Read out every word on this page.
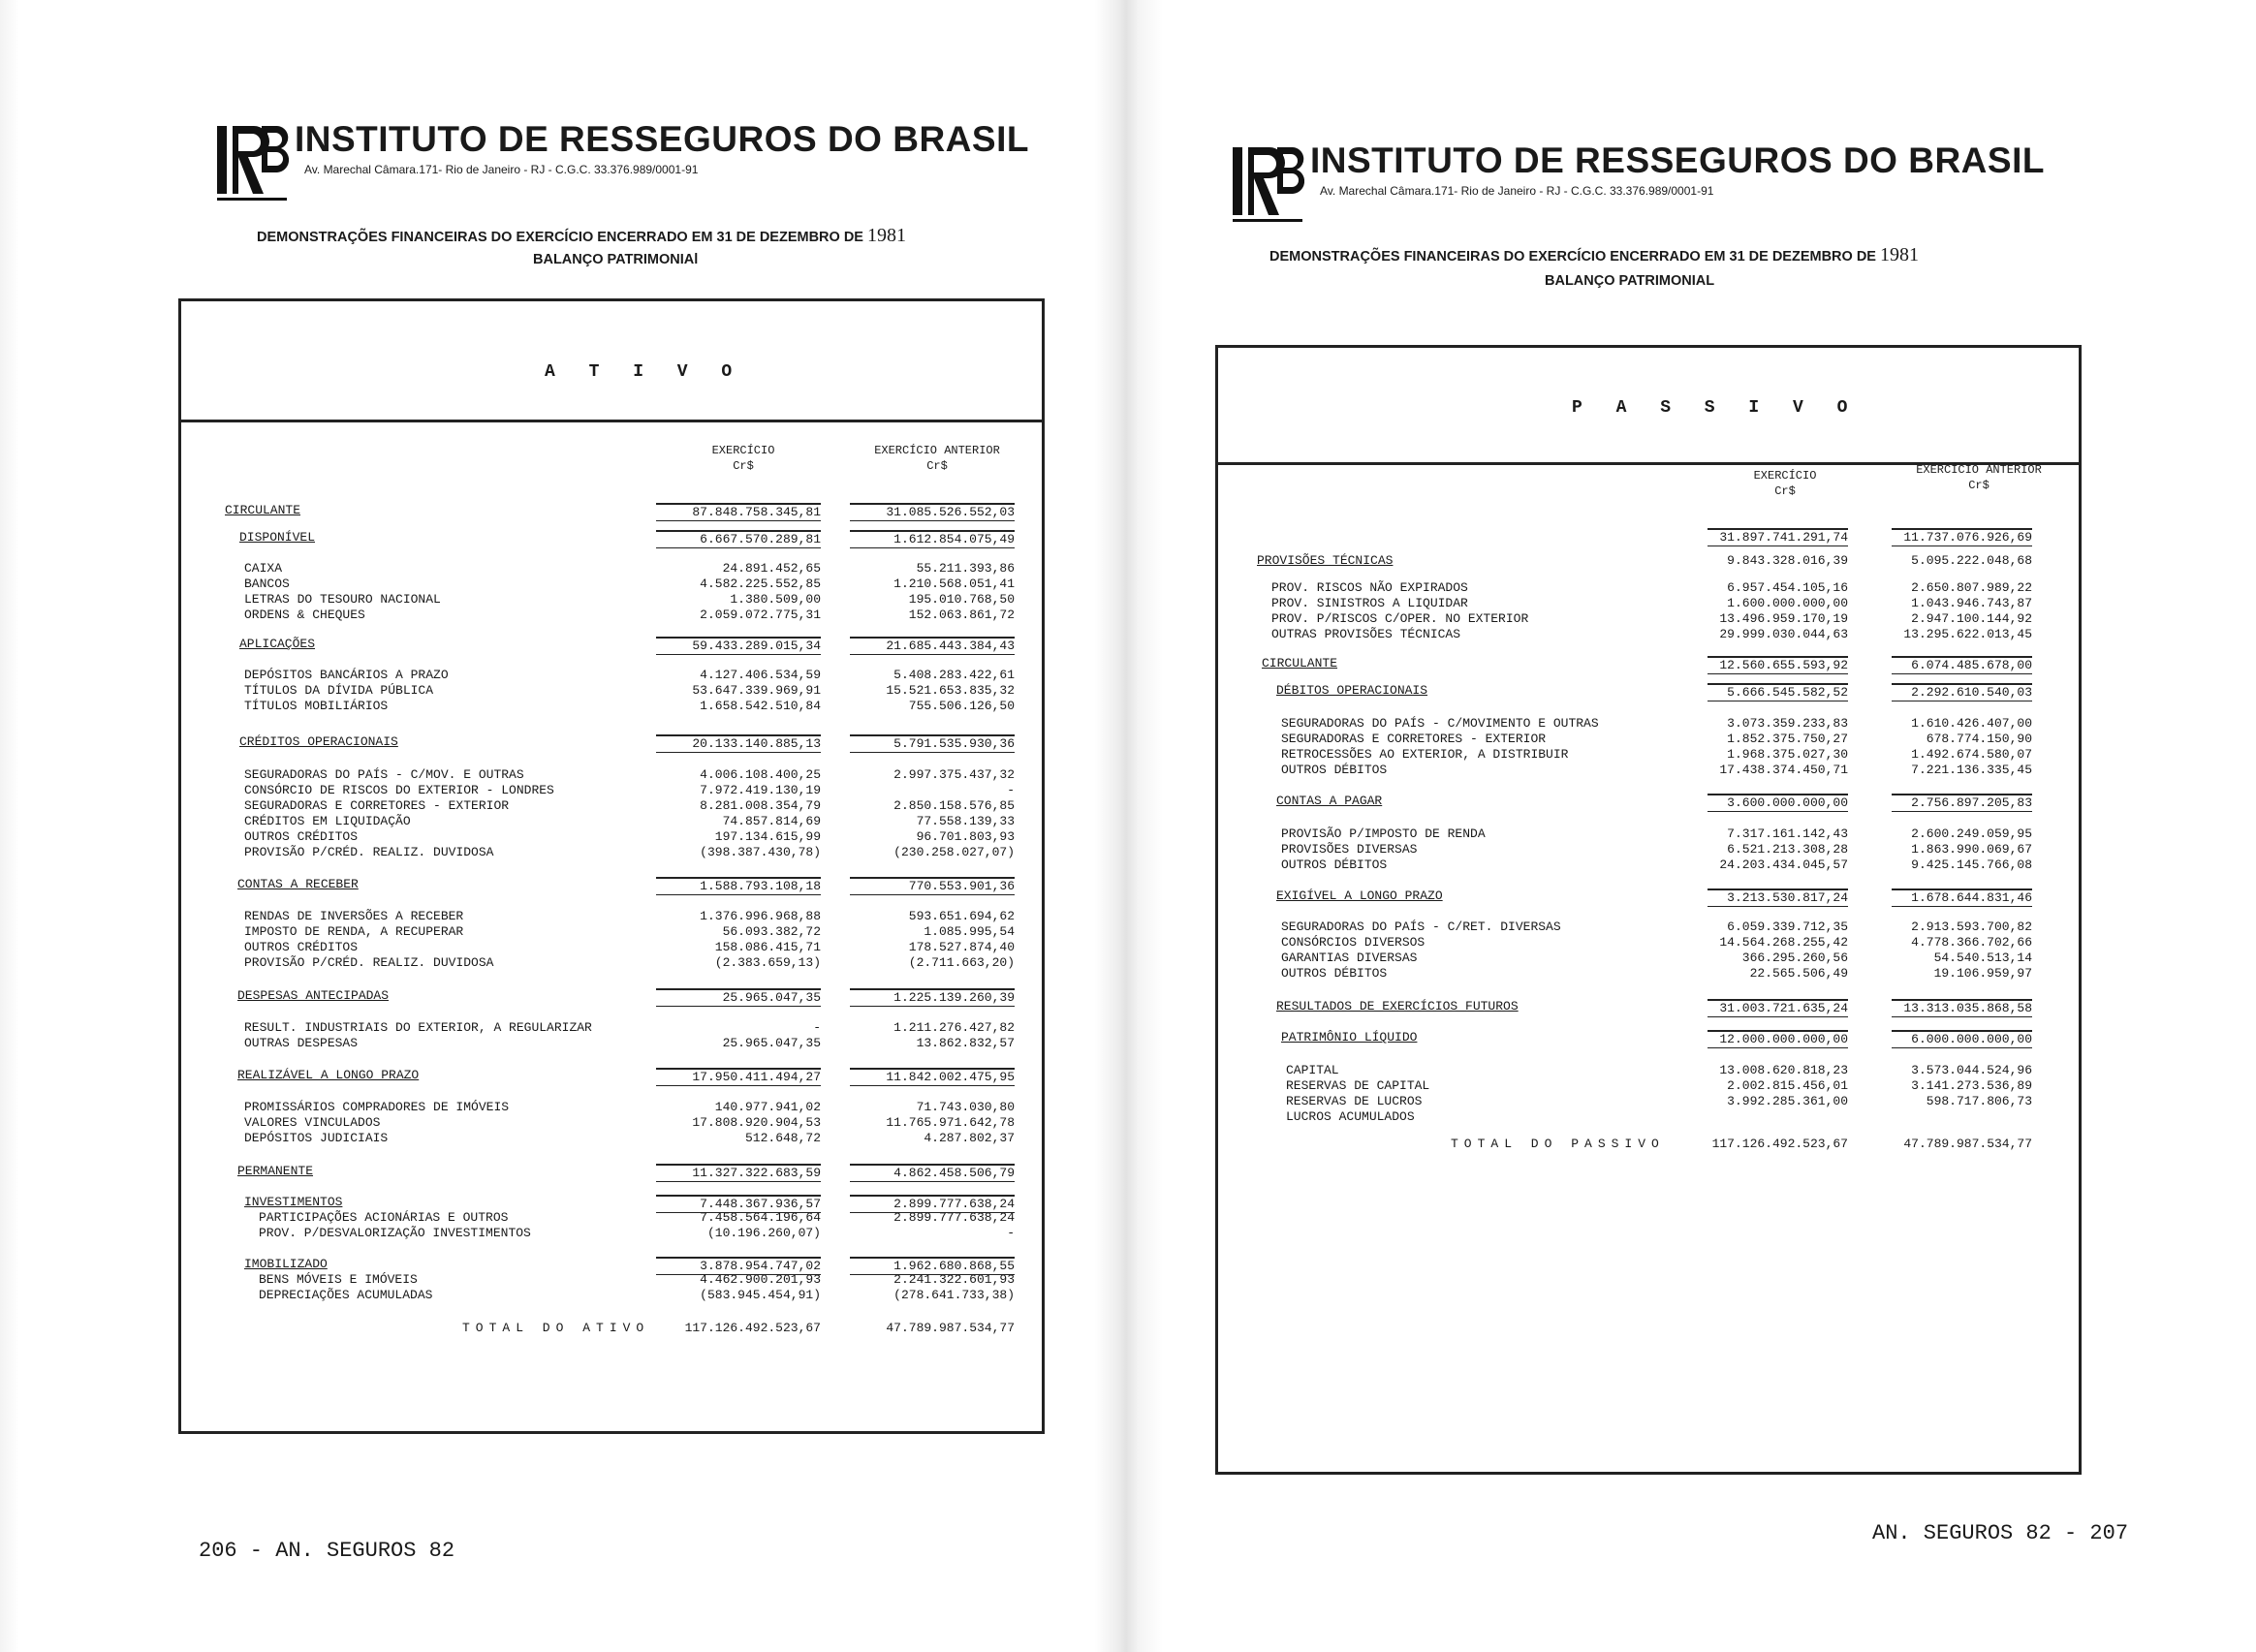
INSTITUTO DE RESSEGUROS DO BRASIL
Av. Marechal Câmara.171- Rio de Janeiro - RJ - C.G.C. 33.376.989/0001-91
DEMONSTRAÇÕES FINANCEIRAS DO EXERCÍCIO ENCERRADO EM 31 DE DEZEMBRO DE 1981
BALANÇO PATRIMONIAl
A T I V O
EXERCÍCIO
Cr$
EXERCÍCIO ANTERIOR
Cr$
CIRCULANTE	87.848.758.345,81	31.085.526.552,03
DISPONÍVEL	6.667.570.289,81	1.612.854.075,49
CAIXA	24.891.452,65	55.211.393,86
BANCOS	4.582.225.552,85	1.210.568.051,41
LETRAS DO TESOURO NACIONAL	1.380.509,00	195.010.768,50
ORDENS & CHEQUES	2.059.072.775,31	152.063.861,72
APLICAÇÕES	59.433.289.015,34	21.685.443.384,43
DEPÓSITOS BANCÁRIOS A PRAZO	4.127.406.534,59	5.408.283.422,61
TÍTULOS DA DÍVIDA PÚBLICA	53.647.339.969,91	15.521.653.835,32
TÍTULOS MOBILIÁRIOS	1.658.542.510,84	755.506.126,50
CRÉDITOS OPERACIONAIS	20.133.140.885,13	5.791.535.930,36
SEGURADORAS DO PAÍS - C/MOV. E OUTRAS	4.006.108.400,25	2.997.375.437,32
CONSÓRCIO DE RISCOS DO EXTERIOR - LONDRES	7.972.419.130,19	-
SEGURADORAS E CORRETORES - EXTERIOR	8.281.008.354,79	2.850.158.576,85
CRÉDITOS EM LIQUIDAÇÃO	74.857.814,69	77.558.139,33
OUTROS CRÉDITOS	197.134.615,99	96.701.803,93
PROVISÃO P/CRÉD. REALIZ. DUVIDOSA	(398.387.430,78)	(230.258.027,07)
CONTAS A RECEBER	1.588.793.108,18	770.553.901,36
RENDAS DE INVERSÕES A RECEBER	1.376.996.968,88	593.651.694,62
IMPOSTO DE RENDA, A RECUPERAR	56.093.382,72	1.085.995,54
OUTROS CRÉDITOS	158.086.415,71	178.527.874,40
PROVISÃO P/CRÉD. REALIZ. DUVIDOSA	(2.383.659,13)	(2.711.663,20)
DESPESAS ANTECIPADAS	25.965.047,35	1.225.139.260,39
RESULT. INDUSTRIAIS DO EXTERIOR, A REGULARIZAR	-	1.211.276.427,82
OUTRAS DESPESAS	25.965.047,35	13.862.832,57
REALIZÁVEL A LONGO PRAZO	17.950.411.494,27	11.842.002.475,95
PROMISSÁRIOS COMPRADORES DE IMÓVEIS	140.977.941,02	71.743.030,80
VALORES VINCULADOS	17.808.920.904,53	11.765.971.642,78
DEPÓSITOS JUDICIAIS	512.648,72	4.287.802,37
PERMANENTE	11.327.322.683,59	4.862.458.506,79
INVESTIMENTOS	7.448.367.936,57	2.899.777.638,24
PARTICIPAÇÕES ACIONÁRIAS E OUTROS	7.458.564.196,64	2.899.777.638,24
PROV. P/DESVALORIZAÇÃO INVESTIMENTOS	(10.196.260,07)	-
IMOBILIZADO	3.878.954.747,02	1.962.680.868,55
BENS MÓVEIS E IMÓVEIS	4.462.900.201,93	2.241.322.601,93
DEPRECIAÇÕES ACUMULADAS	(583.945.454,91)	(278.641.733,38)
TOTAL DO ATIVO	117.126.492.523,67	47.789.987.534,77
206 - AN. SEGUROS 82
INSTITUTO DE RESSEGUROS DO BRASIL
Av. Marechal Câmara.171- Rio de Janeiro - RJ - C.G.C. 33.376.989/0001-91
DEMONSTRAÇÕES FINANCEIRAS DO EXERCÍCIO ENCERRADO EM 31 DE DEZEMBRO DE 1981
BALANÇO PATRIMONIAL
P A S S I V O
EXERCÍCIO
Cr$
EXERCÍCIO ANTERIOR
Cr$
31.897.741.291,74	11.737.076.926,69
PROVISÕES TÉCNICAS	9.843.328.016,39	5.095.222.048,68
PROV. RISCOS NÃO EXPIRADOS	6.957.454.105,16	2.650.807.989,22
PROV. SINISTROS A LIQUIDAR	1.600.000.000,00	1.043.946.743,87
PROV. P/RISCOS C/OPER. NO EXTERIOR	13.496.959.170,19	2.947.100.144,92
OUTRAS PROVISÕES TÉCNICAS	29.999.030.044,63	13.295.622.013,45
CIRCULANTE	12.560.655.593,92	6.074.485.678,00
DÉBITOS OPERACIONAIS	5.666.545.582,52	2.292.610.540,03
SEGURADORAS DO PAÍS - C/MOVIMENTO E OUTRAS	3.073.359.233,83	1.610.426.407,00
SEGURADORAS E CORRETORES - EXTERIOR	1.852.375.750,27	678.774.150,90
RETROCESSÕES AO EXTERIOR, A DISTRIBUIR	1.968.375.027,30	1.492.674.580,07
OUTROS DÉBITOS	17.438.374.450,71	7.221.136.335,45
CONTAS A PAGAR	3.600.000.000,00	2.756.897.205,83
PROVISÃO P/IMPOSTO DE RENDA	7.317.161.142,43	2.600.249.059,95
PROVISÕES DIVERSAS	6.521.213.308,28	1.863.990.069,67
OUTROS DÉBITOS	24.203.434.045,57	9.425.145.766,08
EXIGÍVEL A LONGO PRAZO	3.213.530.817,24	1.678.644.831,46
SEGURADORAS DO PAÍS - C/RET. DIVERSAS	6.059.339.712,35	2.913.593.700,82
CONSÓRCIOS DIVERSOS	14.564.268.255,42	4.778.366.702,66
GARANTIAS DIVERSAS	366.295.260,56	54.540.513,14
OUTROS DÉBITOS	22.565.506,49	19.106.959,97
RESULTADOS DE EXERCÍCIOS FUTUROS	31.003.721.635,24	13.313.035.868,58
PATRIMÔNIO LÍQUIDO	12.000.000.000,00	6.000.000.000,00
CAPITAL	13.008.620.818,23	3.573.044.524,96
RESERVAS DE CAPITAL	2.002.815.456,01	3.141.273.536,89
RESERVAS DE LUCROS	3.992.285.361,00	598.717.806,73
LUCROS ACUMULADOS
TOTAL DO PASSIVO	117.126.492.523,67	47.789.987.534,77
AN. SEGUROS 82 - 207
